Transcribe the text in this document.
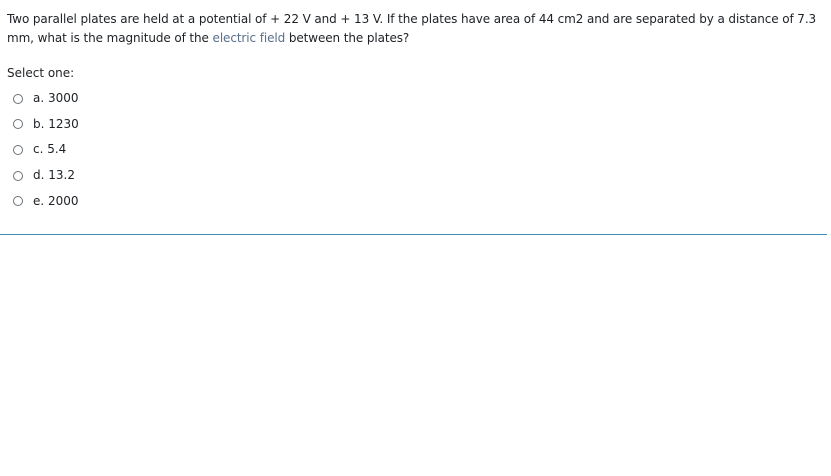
Two parallel plates are held at a potential of + 22 V and + 13 V. If the plates have area of 44 cm2 and are separated by a distance of 7.3
mm, what is the magnitude of the electric field between the plates?
Select one:
a. 3000
b. 1230
c. 5.4
d. 13.2
e. 2000
